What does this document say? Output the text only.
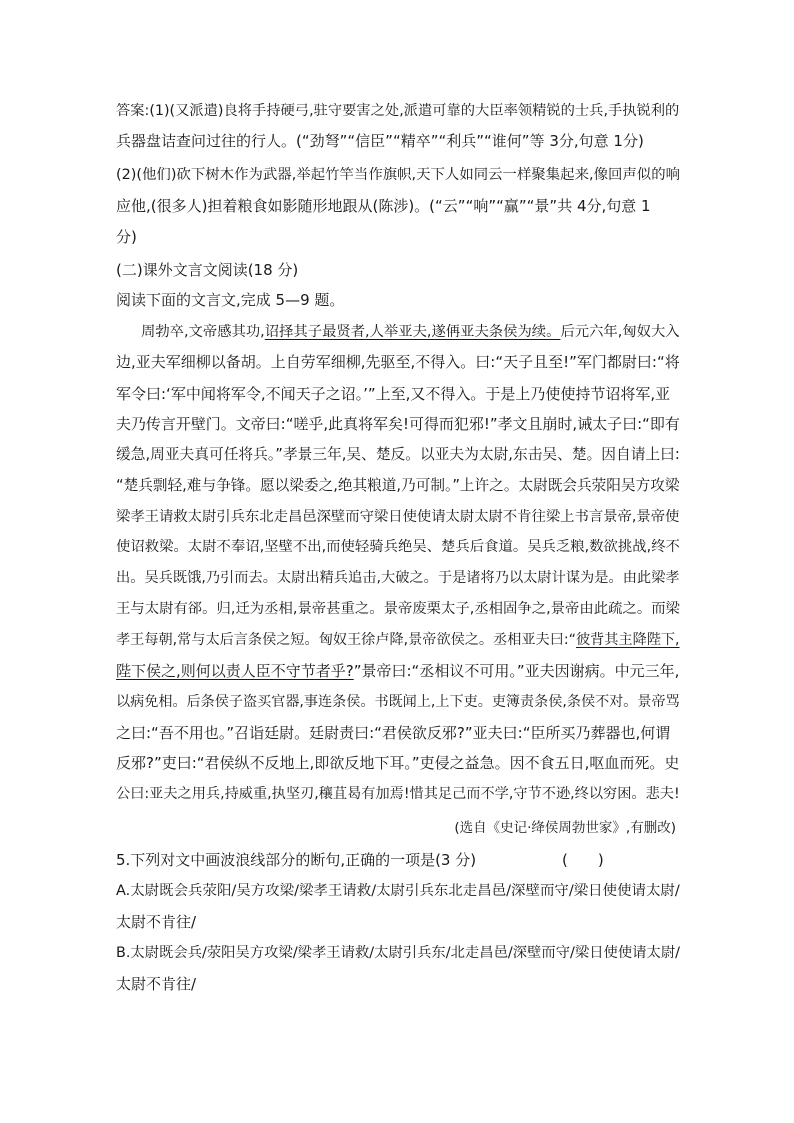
答案:(1)(又派遣)良将手持硬弓,驻守要害之处,派遣可靠的大臣率领精锐的士兵,手执锐利的
兵器盘诘查问过往的行人。(“劲弩”“信臣”“精卒”“利兵”“谁何”等 3分,句意 1分)
(2)(他们)砍下树木作为武器,举起竹竿当作旗帜,天下人如同云一样聚集起来,像回声似的响
应他,(很多人)担着粮食如影随形地跟从(陈涉)。(“云”“响”“赢”“景”共 4分,句意 1
分)
(二)课外文言文阅读(18 分)
阅读下面的文言文,完成 5—9 题。
周勃卒,文帝感其功,诏择其子最贤者,人举亚夫,遂侢亚夫条侯为续。后元六年,匈奴大入
边,亚夫军细柳以备胡。上自劳军细柳,先驱至,不得入。曰:“天子且至!”军门都尉曰:“将
军令曰:‘军中闻将军令,不闻天子之诏。’”上至,又不得入。于是上乃使使持节诏将军,亚
夫乃传言开壁门。文帝曰:“嗟乎,此真将军矣!可得而犯邪!”孝文且崩时,诫太子曰:“即有
缓急,周亚夫真可任将兵。”孝景三年,吴、楚反。以亚夫为太尉,东击吴、楚。因自请上曰:
“楚兵剽轻,难与争锋。愿以梁委之,绝其粮道,乃可制。”上许之。太尉既会兵荥阳吴方攻梁
梁孝王请救太尉引兵东北走昌邑深壁而守梁日使使请太尉太尉不肯往梁上书言景帝,景帝使
使诏救梁。太尉不奉诏,坚壁不出,而使轻骑兵绝吴、楚兵后食道。吴兵乏粮,数欲挑战,终不
出。吴兵既饿,乃引而去。太尉出精兵追击,大破之。于是诸将乃以太尉计谋为是。由此梁孝
王与太尉有郤。归,迁为丞相,景帝甚重之。景帝废栗太子,丞相固争之,景帝由此疏之。而梁
孝王每朝,常与太后言条侯之短。匈奴王徐卢降,景帝欲侯之。丞相亚夫曰:“彼背其主降陛下,
陛下侯之,则何以责人臣不守节者乎?”景帝曰:“丞相议不可用。”亚夫因谢病。中元三年,
以病免相。后条侯子盗买官器,事连条侯。书既闻上,上下吏。吏簿责条侯,条侯不对。景帝骂
之曰:“吾不用也。”召诣廷尉。廷尉责曰:“君侯欲反邪?”亚夫曰:“臣所买乃葬器也,何谓
反邪?”吏曰:“君侯纵不反地上,即欲反地下耳。”吏侵之益急。因不食五日,呕血而死。史
公曰:亚夫之用兵,持威重,执坚刃,穰苴曷有加焉!惜其足己而不学,守节不逊,终以穷困。悲夫!
(选自《史记·绛侯周勃世家》,有删改)
5.下列对文中画波浪线部分的断句,正确的一项是(3 分)	(　　)
A.太尉既会兵荥阳/吴方攻梁/梁孝王请救/太尉引兵东北走昌邑/深壁而守/梁日使使请太尉/
太尉不肯往/
B.太尉既会兵/荥阳吴方攻梁/梁孝王请救/太尉引兵东/北走昌邑/深壁而守/梁日使使请太尉/
太尉不肯往/
